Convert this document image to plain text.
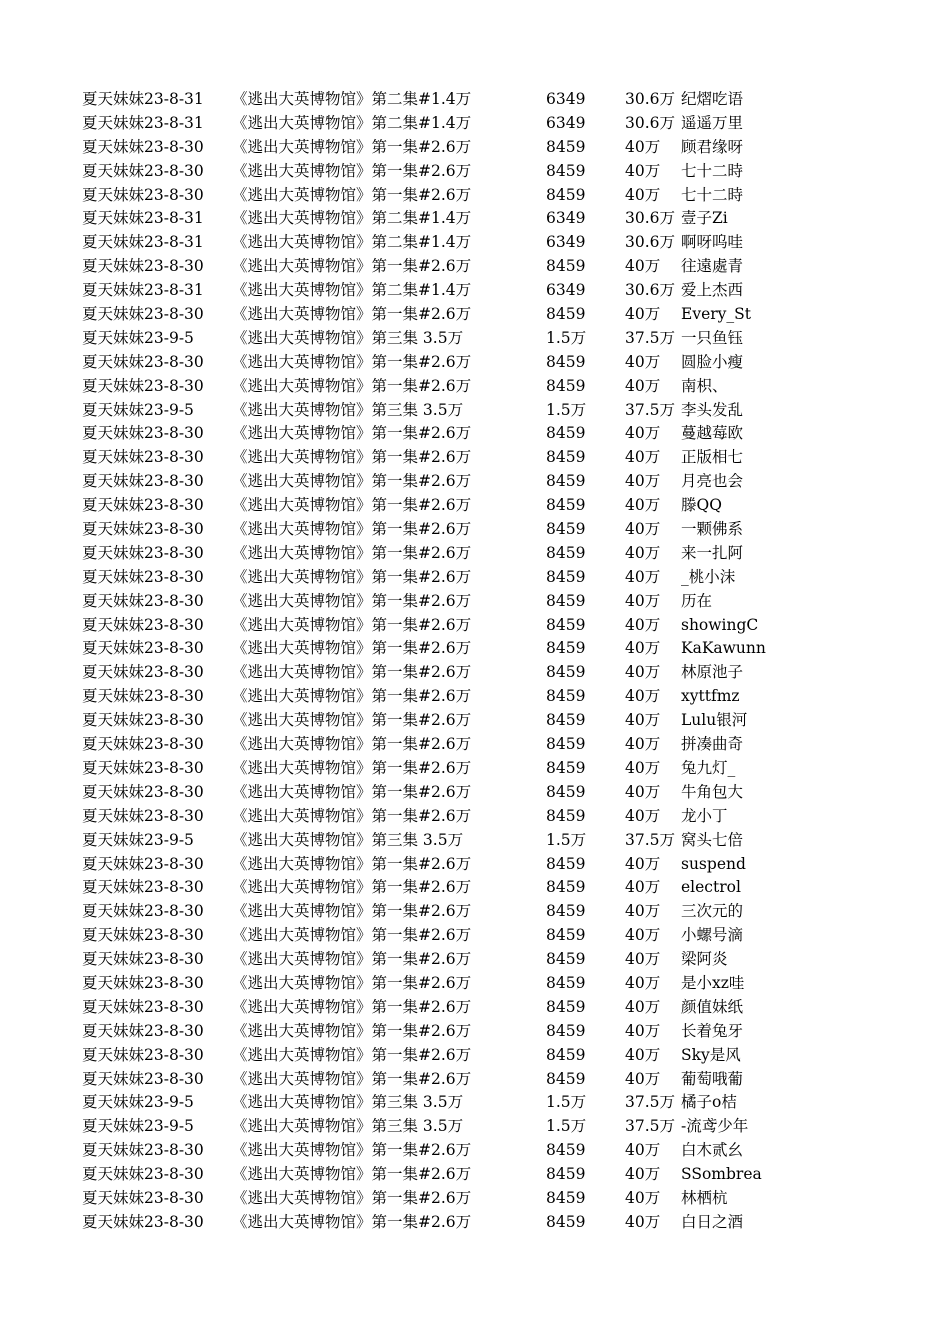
夏天妹妹23-8-31	《逃出大英博物馆》第二集#1.4万	6349	30.6万 纪熠吃语
夏天妹妹23-8-31	《逃出大英博物馆》第二集#1.4万	6349	30.6万 遥遥万里
夏天妹妹23-8-30	《逃出大英博物馆》第一集#2.6万	8459	40万	顾君缘呀
夏天妹妹23-8-30	《逃出大英博物馆》第一集#2.6万	8459	40万	七十二時
夏天妹妹23-8-30	《逃出大英博物馆》第一集#2.6万	8459	40万	七十二時
夏天妹妹23-8-31	《逃出大英博物馆》第二集#1.4万	6349	30.6万 壹子Zi
夏天妹妹23-8-31	《逃出大英博物馆》第二集#1.4万	6349	30.6万 啊呀呜哇
夏天妹妹23-8-30	《逃出大英博物馆》第一集#2.6万	8459	40万	往遠處青
夏天妹妹23-8-31	《逃出大英博物馆》第二集#1.4万	6349	30.6万 爱上杰西
夏天妹妹23-8-30	《逃出大英博物馆》第一集#2.6万	8459	40万	Every_St
夏天妹妹23-9-5	《逃出大英博物馆》第三集 3.5万	1.5万	37.5万 一只鱼钰
夏天妹妹23-8-30	《逃出大英博物馆》第一集#2.6万	8459	40万	圆脸小瘦
夏天妹妹23-8-30	《逃出大英博物馆》第一集#2.6万	8459	40万	南枳、
夏天妹妹23-9-5	《逃出大英博物馆》第三集 3.5万	1.5万	37.5万 李头发乱
夏天妹妹23-8-30	《逃出大英博物馆》第一集#2.6万	8459	40万	蔓越莓欧
夏天妹妹23-8-30	《逃出大英博物馆》第一集#2.6万	8459	40万	正版相七
夏天妹妹23-8-30	《逃出大英博物馆》第一集#2.6万	8459	40万	月亮也会
夏天妹妹23-8-30	《逃出大英博物馆》第一集#2.6万	8459	40万	滕QQ
夏天妹妹23-8-30	《逃出大英博物馆》第一集#2.6万	8459	40万	一颗佛系
夏天妹妹23-8-30	《逃出大英博物馆》第一集#2.6万	8459	40万	来一扎阿
夏天妹妹23-8-30	《逃出大英博物馆》第一集#2.6万	8459	40万	_桃小沫
夏天妹妹23-8-30	《逃出大英博物馆》第一集#2.6万	8459	40万	历在
夏天妹妹23-8-30	《逃出大英博物馆》第一集#2.6万	8459	40万	showingC
夏天妹妹23-8-30	《逃出大英博物馆》第一集#2.6万	8459	40万	KaKawunn
夏天妹妹23-8-30	《逃出大英博物馆》第一集#2.6万	8459	40万	林原池子
夏天妹妹23-8-30	《逃出大英博物馆》第一集#2.6万	8459	40万	xyttfmz
夏天妹妹23-8-30	《逃出大英博物馆》第一集#2.6万	8459	40万	Lulu银河
夏天妹妹23-8-30	《逃出大英博物馆》第一集#2.6万	8459	40万	拼凑曲奇
夏天妹妹23-8-30	《逃出大英博物馆》第一集#2.6万	8459	40万	兔九灯_
夏天妹妹23-8-30	《逃出大英博物馆》第一集#2.6万	8459	40万	牛角包大
夏天妹妹23-8-30	《逃出大英博物馆》第一集#2.6万	8459	40万	龙小丁
夏天妹妹23-9-5	《逃出大英博物馆》第三集 3.5万	1.5万	37.5万 窝头七倍
夏天妹妹23-8-30	《逃出大英博物馆》第一集#2.6万	8459	40万	suspend
夏天妹妹23-8-30	《逃出大英博物馆》第一集#2.6万	8459	40万	electrol
夏天妹妹23-8-30	《逃出大英博物馆》第一集#2.6万	8459	40万	三次元的
夏天妹妹23-8-30	《逃出大英博物馆》第一集#2.6万	8459	40万	小螺号滴
夏天妹妹23-8-30	《逃出大英博物馆》第一集#2.6万	8459	40万	梁阿炎
夏天妹妹23-8-30	《逃出大英博物馆》第一集#2.6万	8459	40万	是小xz哇
夏天妹妹23-8-30	《逃出大英博物馆》第一集#2.6万	8459	40万	颜值妹纸
夏天妹妹23-8-30	《逃出大英博物馆》第一集#2.6万	8459	40万	长着兔牙
夏天妹妹23-8-30	《逃出大英博物馆》第一集#2.6万	8459	40万	Sky是风
夏天妹妹23-8-30	《逃出大英博物馆》第一集#2.6万	8459	40万	葡萄哦葡
夏天妹妹23-9-5	《逃出大英博物馆》第三集 3.5万	1.5万	37.5万 橘子o桔
夏天妹妹23-9-5	《逃出大英博物馆》第三集 3.5万	1.5万	37.5万 -流鸢少年
夏天妹妹23-8-30	《逃出大英博物馆》第一集#2.6万	8459	40万	白木贰幺
夏天妹妹23-8-30	《逃出大英博物馆》第一集#2.6万	8459	40万	SSombrea
夏天妹妹23-8-30	《逃出大英博物馆》第一集#2.6万	8459	40万	林栖杭
夏天妹妹23-8-30	《逃出大英博物馆》第一集#2.6万	8459	40万	白日之酒
